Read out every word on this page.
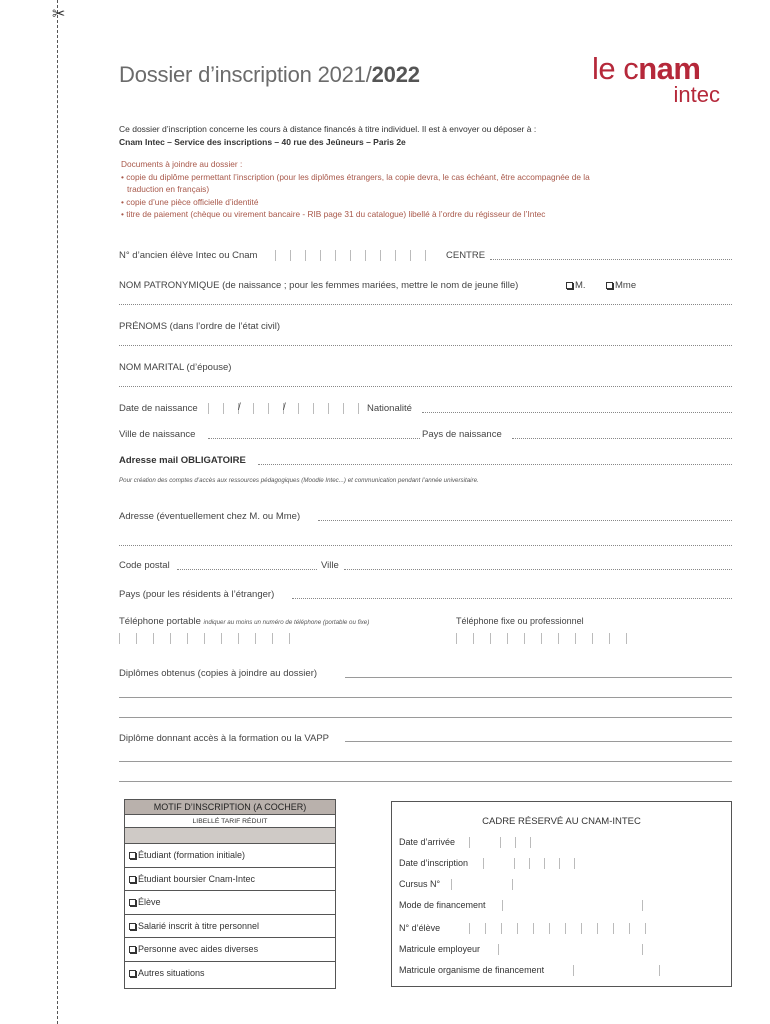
✂
Dossier d’inscription 2021/2022	le cnam
intec
Ce dossier d’inscription concerne les cours à distance financés à titre individuel. Il est à envoyer ou déposer à :
Cnam Intec – Service des inscriptions – 40 rue des Jeûneurs – Paris 2e
Documents à joindre au dossier :
• copie du diplôme permettant l’inscription (pour les diplômes étrangers, la copie devra, le cas échéant, être accompagnée de la
traduction en français)
• copie d’une pièce officielle d’identité
• titre de paiement (chèque ou virement bancaire - RIB page 31 du catalogue) libellé à l’ordre du régisseur de l’Intec
N° d’ancien élève Intec ou Cnam	CENTRE
NOM PATRONYMIQUE (de naissance ; pour les femmes mariées, mettre le nom de jeune fille)	M.	Mme
PRÉNOMS (dans l’ordre de l’état civil)
NOM MARITAL (d’épouse)
Date de naissance	/	/	Nationalité
Ville de naissance	Pays de naissance
Adresse mail OBLIGATOIRE
Pour création des comptes d’accès aux ressources pédagogiques (Moodle Intec...) et communication pendant l’année universitaire.
Adresse (éventuellement chez M. ou Mme)
Code postal	Ville
Pays (pour les résidents à l’étranger)
Téléphone portable indiquer au moins un numéro de téléphone (portable ou fixe)	Téléphone fixe ou professionnel
Diplômes obtenus (copies à joindre au dossier)
Diplôme donnant accès à la formation ou la VAPP
MOTIF D’INSCRIPTION (A COCHER)
LIBELLÉ TARIF RÉDUIT
Étudiant (formation initiale)
Étudiant boursier Cnam-Intec
Élève
Salarié inscrit à titre personnel
Personne avec aides diverses
Autres situations
CADRE RÉSERVÉ AU CNAM-INTEC
Date d’arrivée
Date d’inscription
Cursus N°
Mode de financement
N° d’élève
Matricule employeur
Matricule organisme de financement
